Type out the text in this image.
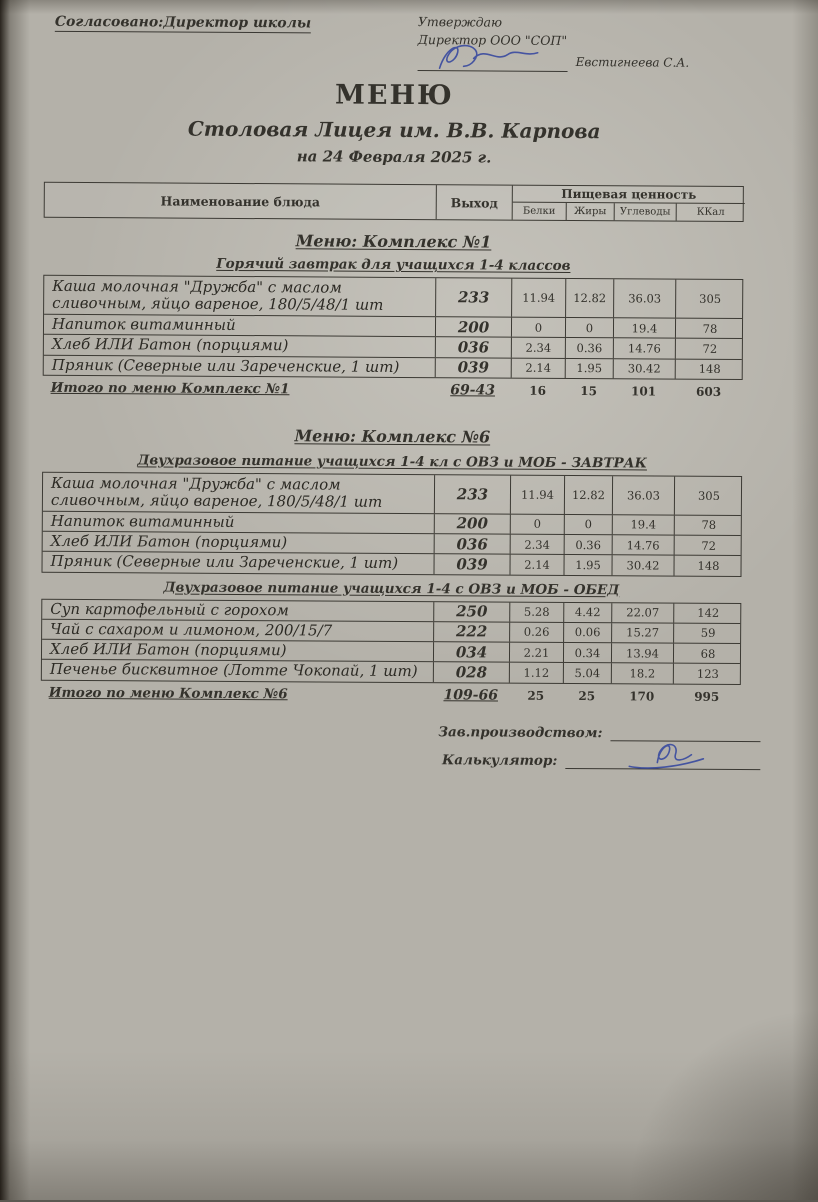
Согласовано:Директор школы	Утверждаю
Директор ООО "СОП"
Евстигнеева С.А.
МЕНЮ
Столовая Лицея им. В.В. Карпова
на 24 Февраля 2025 г.
Наименование блюда	Выход
Пищевая ценность
Белки	Жиры	Углеводы	ККал
Меню: Комплекс №1
Горячий завтрак для учащихся 1-4 классов
Каша молочная "Дружба" с маслом сливочным, яйцо вареное, 180/5/48/1 шт	233	11.94	12.82	36.03	305
Напиток витаминный	200	0	0	19.4	78
Хлеб ИЛИ Батон (порциями)	036	2.34	0.36	14.76	72
Пряник (Северные или Зареченские, 1 шт)	039	2.14	1.95	30.42	148
Итого по меню Комплекс №1	69-43	16	15	101	603
Меню: Комплекс №6
Двухразовое питание учащихся 1-4 кл с ОВЗ и МОБ - ЗАВТРАК
Каша молочная "Дружба" с маслом сливочным, яйцо вареное, 180/5/48/1 шт	233	11.94	12.82	36.03	305
Напиток витаминный	200	0	0	19.4	78
Хлеб ИЛИ Батон (порциями)	036	2.34	0.36	14.76	72
Пряник (Северные или Зареченские, 1 шт)	039	2.14	1.95	30.42	148
Двухразовое питание учащихся 1-4 с ОВЗ и МОБ - ОБЕД
Суп картофельный с горохом	250	5.28	4.42	22.07	142
Чай с сахаром и лимоном, 200/15/7	222	0.26	0.06	15.27	59
Хлеб ИЛИ Батон (порциями)	034	2.21	0.34	13.94	68
Печенье бисквитное (Лотте Чокопай, 1 шт)	028	1.12	5.04	18.2	123
Итого по меню Комплекс №6	109-66	25	25	170	995
Зав.производством:
Калькулятор:
